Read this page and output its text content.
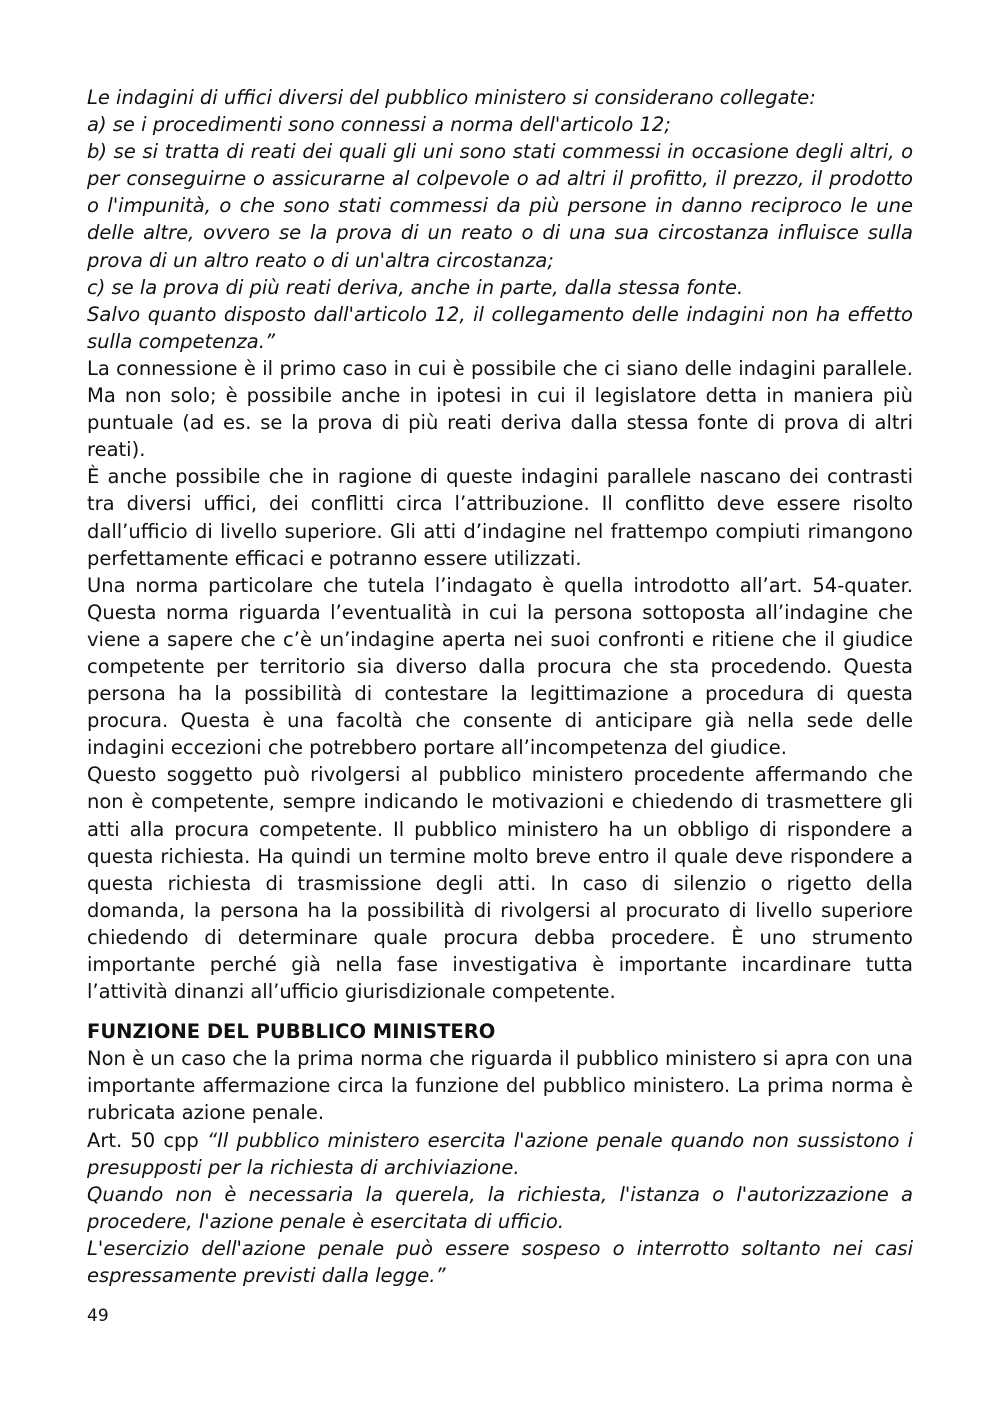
Le indagini di uffici diversi del pubblico ministero si considerano collegate:

a) se i procedimenti sono connessi a norma dell'articolo 12;

b) se si tratta di reati dei quali gli uni sono stati commessi in occasione degli altri, o per conseguirne o assicurarne al colpevole o ad altri il profitto, il prezzo, il prodotto o l'impunità, o che sono stati commessi da più persone in danno reciproco le une delle altre, ovvero se la prova di un reato o di una sua circostanza influisce sulla prova di un altro reato o di un'altra circostanza;

c) se la prova di più reati deriva, anche in parte, dalla stessa fonte.

Salvo quanto disposto dall'articolo 12, il collegamento delle indagini non ha effetto sulla competenza.”

La connessione è il primo caso in cui è possibile che ci siano delle indagini parallele. Ma non solo; è possibile anche in ipotesi in cui il legislatore detta in maniera più puntuale (ad es. se la prova di più reati deriva dalla stessa fonte di prova di altri reati).

È anche possibile che in ragione di queste indagini parallele nascano dei contrasti tra diversi uffici, dei conflitti circa l’attribuzione. Il conflitto deve essere risolto dall’ufficio di livello superiore. Gli atti d’indagine nel frattempo compiuti rimangono perfettamente efficaci e potranno essere utilizzati.

Una norma particolare che tutela l’indagato è quella introdotto all’art. 54-quater. Questa norma riguarda l’eventualità in cui la persona sottoposta all’indagine che viene a sapere che c’è un’indagine aperta nei suoi confronti e ritiene che il giudice competente per territorio sia diverso dalla procura che sta procedendo. Questa persona ha la possibilità di contestare la legittimazione a procedura di questa procura. Questa è una facoltà che consente di anticipare già nella sede delle indagini eccezioni che potrebbero portare all’incompetenza del giudice.

Questo soggetto può rivolgersi al pubblico ministero procedente affermando che non è competente, sempre indicando le motivazioni e chiedendo di trasmettere gli atti alla procura competente. Il pubblico ministero ha un obbligo di rispondere a questa richiesta. Ha quindi un termine molto breve entro il quale deve rispondere a questa richiesta di trasmissione degli atti. In caso di silenzio o rigetto della domanda, la persona ha la possibilità di rivolgersi al procurato di livello superiore chiedendo di determinare quale procura debba procedere. È uno strumento importante perché già nella fase investigativa è importante incardinare tutta l’attività dinanzi all’ufficio giurisdizionale competente.

FUNZIONE DEL PUBBLICO MINISTERO

Non è un caso che la prima norma che riguarda il pubblico ministero si apra con una importante affermazione circa la funzione del pubblico ministero. La prima norma è rubricata azione penale.

Art. 50 cpp “Il pubblico ministero esercita l'azione penale quando non sussistono i presupposti per la richiesta di archiviazione.

Quando non è necessaria la querela, la richiesta, l'istanza o l'autorizzazione a procedere, l'azione penale è esercitata di ufficio.

L'esercizio dell'azione penale può essere sospeso o interrotto soltanto nei casi espressamente previsti dalla legge.”

49
